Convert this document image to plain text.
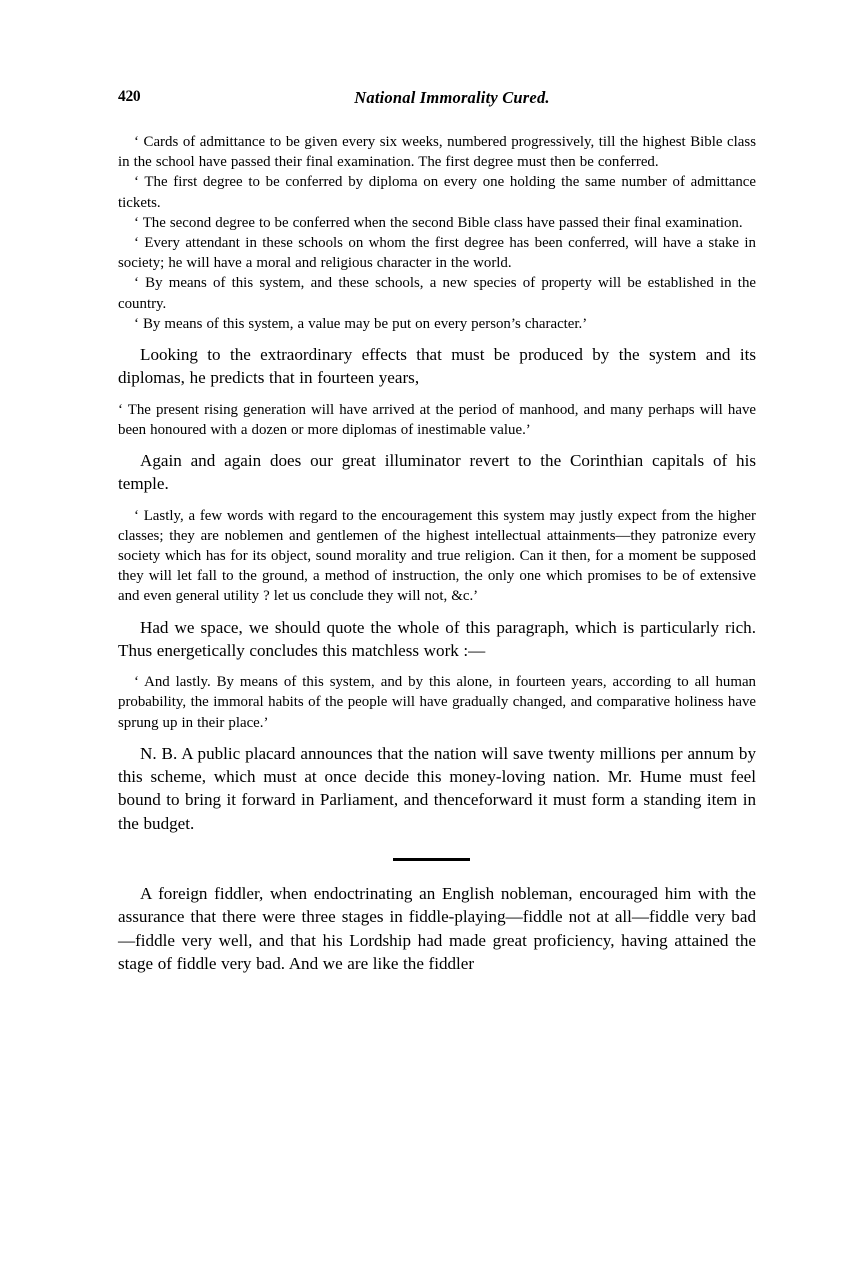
420	National Immorality Cured.

‘ Cards of admittance to be given every six weeks, numbered progressively, till the highest Bible class in the school have passed their final examination. The first degree must then be conferred.

‘ The first degree to be conferred by diploma on every one holding the same number of admittance tickets.

‘ The second degree to be conferred when the second Bible class have passed their final examination.

‘ Every attendant in these schools on whom the first degree has been conferred, will have a stake in society; he will have a moral and religious character in the world.

‘ By means of this system, and these schools, a new species of property will be established in the country.

‘ By means of this system, a value may be put on every person’s character.’

Looking to the extraordinary effects that must be produced by the system and its diplomas, he predicts that in fourteen years,

‘ The present rising generation will have arrived at the period of manhood, and many perhaps will have been honoured with a dozen or more diplomas of inestimable value.’

Again and again does our great illuminator revert to the Corinthian capitals of his temple.

‘ Lastly, a few words with regard to the encouragement this system may justly expect from the higher classes; they are noblemen and gentlemen of the highest intellectual attainments—they patronize every society which has for its object, sound morality and true religion. Can it then, for a moment be supposed they will let fall to the ground, a method of instruction, the only one which promises to be of extensive and even general utility ? let us conclude they will not, &c.’

Had we space, we should quote the whole of this paragraph, which is particularly rich. Thus energetically concludes this matchless work :—

‘ And lastly. By means of this system, and by this alone, in fourteen years, according to all human probability, the immoral habits of the people will have gradually changed, and comparative holiness have sprung up in their place.’

N. B. A public placard announces that the nation will save twenty millions per annum by this scheme, which must at once decide this money-loving nation. Mr. Hume must feel bound to bring it forward in Parliament, and thenceforward it must form a standing item in the budget.

A foreign fiddler, when endoctrinating an English nobleman, encouraged him with the assurance that there were three stages in fiddle-playing—fiddle not at all—fiddle very bad—fiddle very well, and that his Lordship had made great proficiency, having attained the stage of fiddle very bad. And we are like the fiddler
